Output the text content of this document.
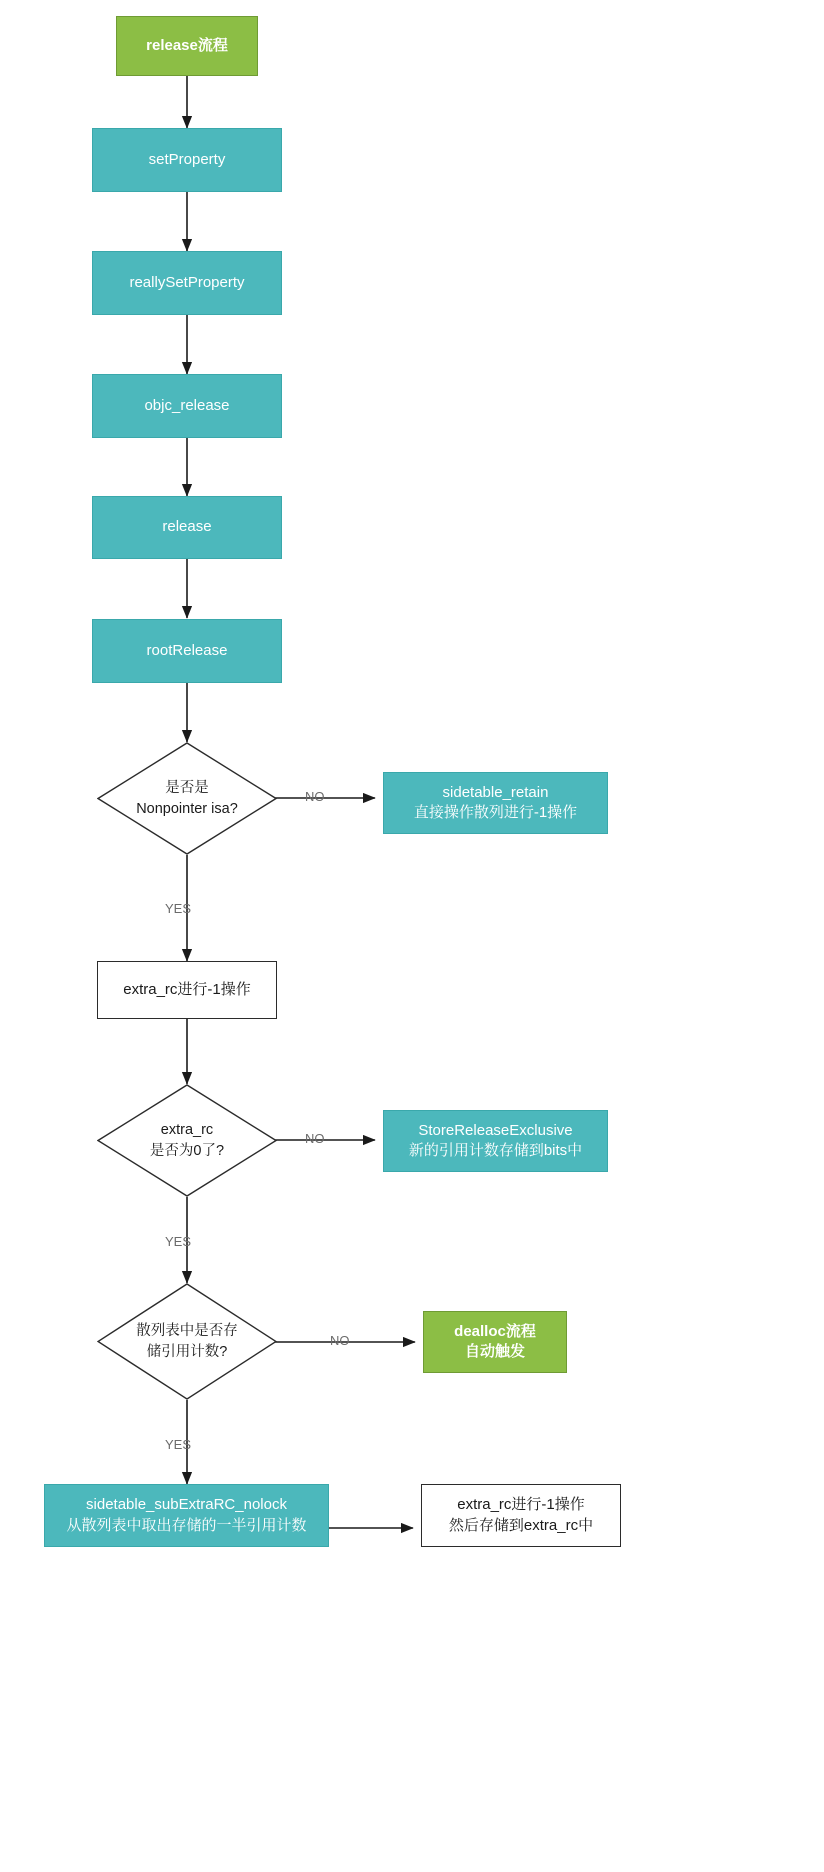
release流程
setProperty
reallySetProperty
objc_release
release
rootRelease
是否是
Nonpointer isa?
NO
YES
sidetable_retain
直接操作散列进行-1操作
extra_rc进行-1操作
extra_rc
是否为0了?
NO
YES
StoreReleaseExclusive
新的引用计数存储到bits中
散列表中是否存
储引用计数?
NO
YES
dealloc流程
自动触发
sidetable_subExtraRC_nolock
从散列表中取出存储的一半引用计数
extra_rc进行-1操作
然后存储到extra_rc中
